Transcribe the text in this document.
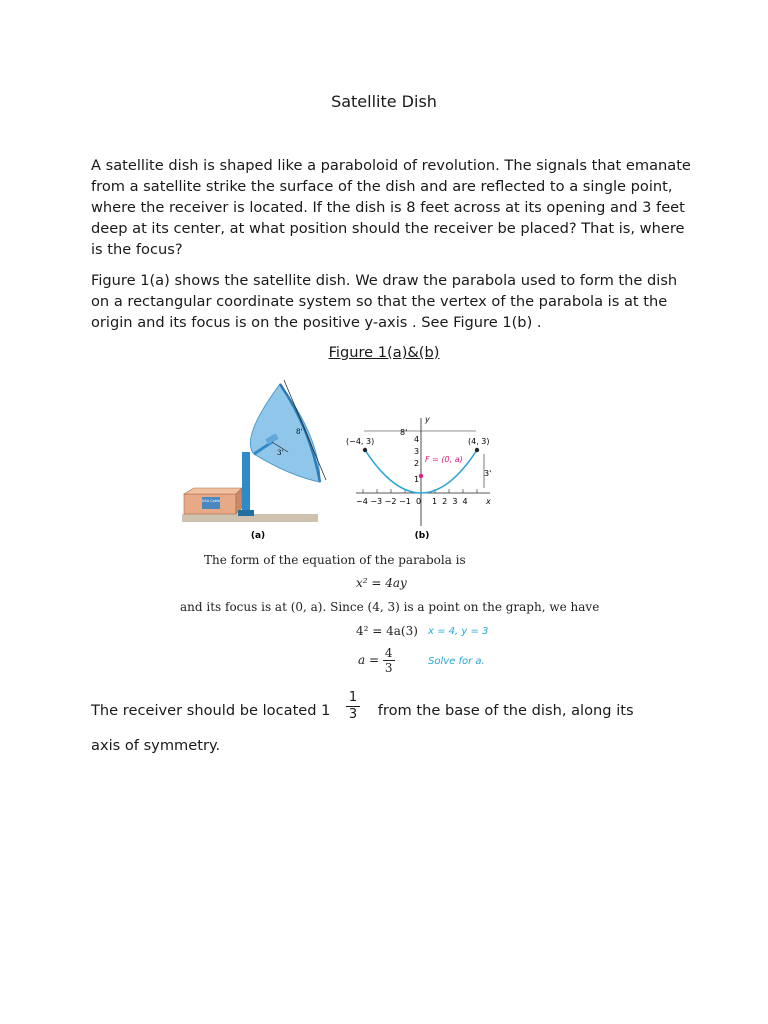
Satellite Dish

A satellite dish is shaped like a paraboloid of revolution. The signals that emanate from a satellite strike the surface of the dish and are reflected to a single point, where the receiver is located. If the dish is 8 feet across at its opening and 3 feet deep at its center, at what position should the receiver be placed? That is, where is the focus?

Figure 1(a) shows the satellite dish. We draw the parabola used to form the dish on a rectangular coordinate system so that the vertex of the parabola is at the origin and its focus is on the positive y-axis . See Figure 1(b) .

Figure 1(a)&(b)
USA Cable
3'
8'
(a)
y
x
−4 −3 −2 −1 0 1  2  3  4
4
3
2
1
8'
3'
(−4, 3)	(4, 3)
F = (0, a)
(b)
The form of the equation of the parabola is
x² = 4ay
and its focus is at (0, a). Since (4, 3) is a point on the graph, we have
4² = 4a(3) x = 4, y = 3
$a = \frac{4}{3}$	Solve for a.
The receiver should be located 1	from the base of the dish, along its
1
3
axis of symmetry.
